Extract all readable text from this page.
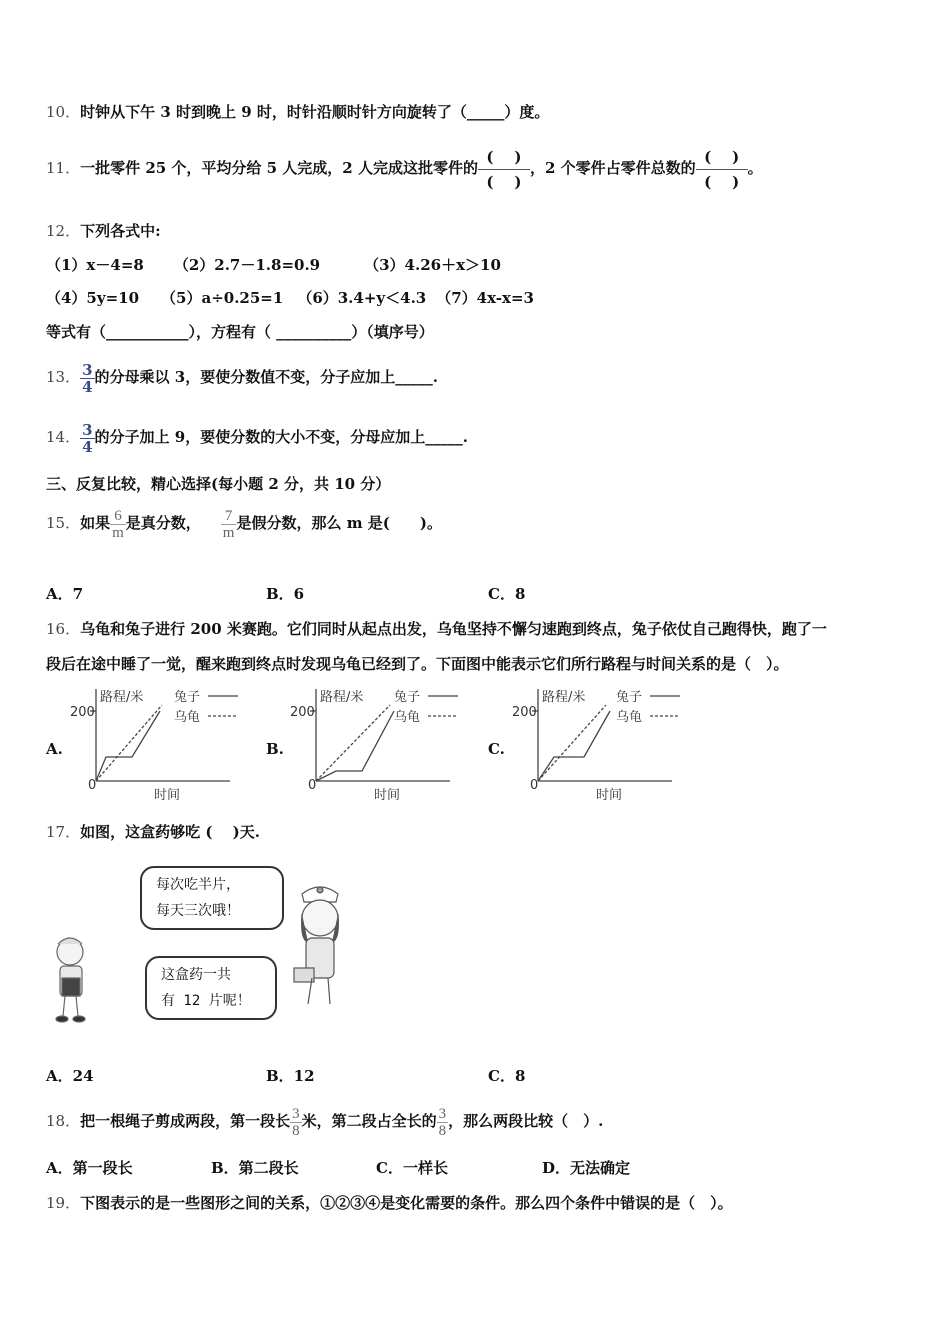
10．时钟从下午 3 时到晚上 9 时，时针沿顺时针方向旋转了（_____）度。
11．一批零件 25 个，平均分给 5 人完成，2 人完成这批零件的$\frac{( )}{( )}$，2 个零件占零件总数的$\frac{( )}{( )}$。
12．下列各式中:
（1）x－4=8 （2）2.7－1.8=0.9	（3）4.26＋x＞10
（4）5y=10 （5）a÷0.25=1 （6）3.4+y＜4.3 （7）4x-x=3
等式有（___________），方程有（ __________）（填序号）
13． $\frac{3}{4}$ 的分母乘以 3，要使分数值不变，分子应加上_____.
14． $\frac{3}{4}$ 的分子加上 9，要使分数的大小不变，分母应加上_____.
三、反复比较，精心选择(每小题 2 分，共 10 分）
15．如果 $\frac{6}{m}$ 是真分数， $\frac{7}{m}$ 是假分数，那么 m 是(　　)。
A．7	B．6	C．8
16．乌龟和兔子进行 200 米赛跑。它们同时从起点出发，乌龟坚持不懈匀速跑到终点，兔子依仗自己跑得快，跑了一
段后在途中睡了一觉，醒来跑到终点时发现乌龟已经到了。下面图中能表示它们所行路程与时间关系的是（　）。
A.	B.	C.
路程/米
200
0
时间
兔子
乌龟
路程/米
200
0
时间
兔子
乌龟
路程/米
200
0
时间
兔子
乌龟
17．如图，这盒药够吃 (　 )天.
每次吃半片，
每天三次哦！
这盒药一共
有 12 片呢！
A．24	B．12	C．8
18．把一根绳子剪成两段，第一段长 $\frac{3}{8}$ 米，第二段占全长的 $\frac{3}{8}$ ，那么两段比较（　）.
A．第一段长	B．第二段长	C．一样长	D．无法确定
19．下图表示的是一些图形之间的关系，①②③④是变化需要的条件。那么四个条件中错误的是（　）。
